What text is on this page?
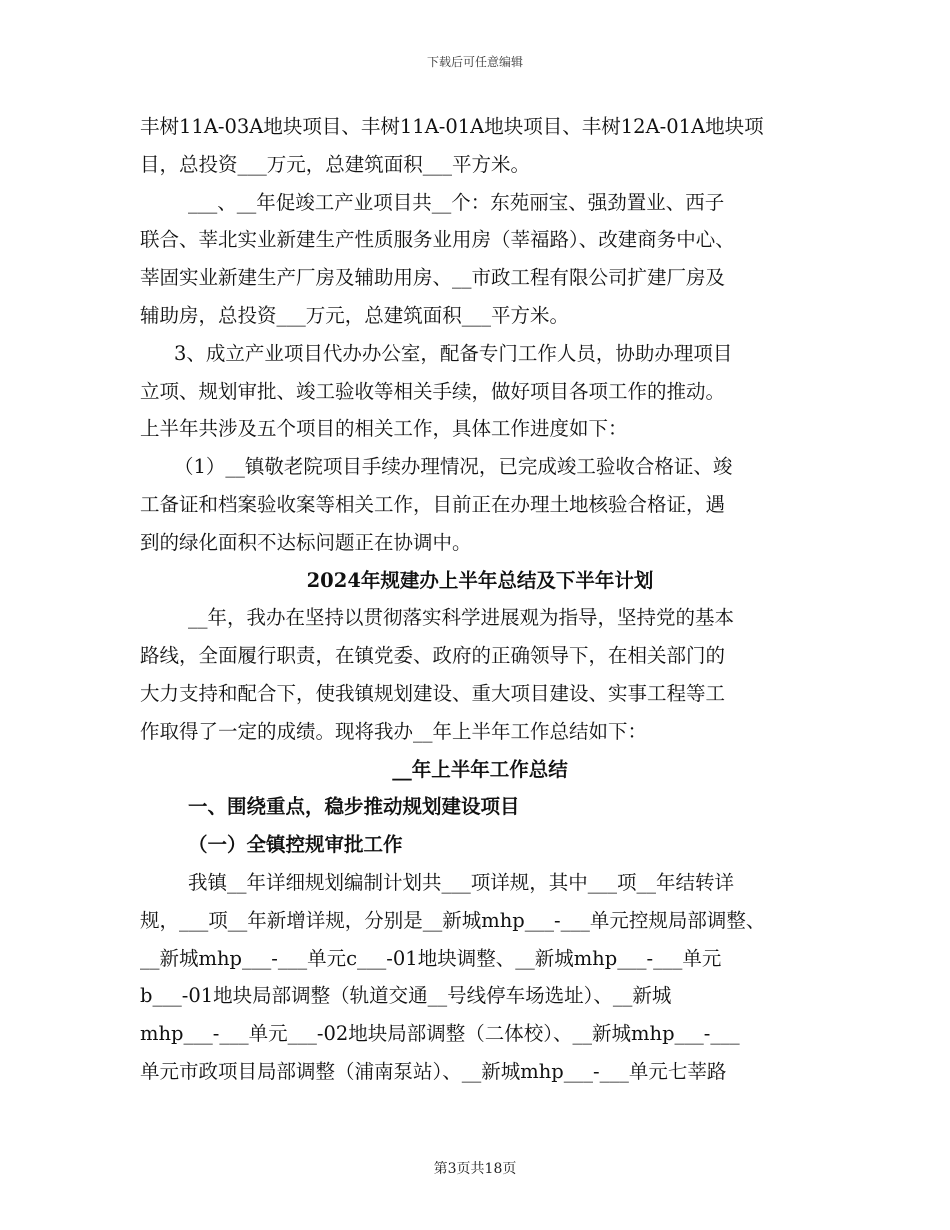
下载后可任意编辑
丰树11A-03A地块项目、丰树11A-01A地块项目、丰树12A-01A地块项
目，总投资___万元，总建筑面积___平方米。
___、__年促竣工产业项目共__个：东苑丽宝、强劲置业、西子
联合、莘北实业新建生产性质服务业用房（莘福路）、改建商务中心、
莘固实业新建生产厂房及辅助用房、__市政工程有限公司扩建厂房及
辅助房，总投资___万元，总建筑面积___平方米。
3、成立产业项目代办办公室，配备专门工作人员，协助办理项目
立项、规划审批、竣工验收等相关手续，做好项目各项工作的推动。
上半年共涉及五个项目的相关工作，具体工作进度如下：
（1）__镇敬老院项目手续办理情况，已完成竣工验收合格证、竣
工备证和档案验收案等相关工作，目前正在办理土地核验合格证，遇
到的绿化面积不达标问题正在协调中。
2024年规建办上半年总结及下半年计划
__年，我办在坚持以贯彻落实科学进展观为指导，坚持党的基本
路线，全面履行职责，在镇党委、政府的正确领导下，在相关部门的
大力支持和配合下，使我镇规划建设、重大项目建设、实事工程等工
作取得了一定的成绩。现将我办__年上半年工作总结如下：
__年上半年工作总结
一、围绕重点，稳步推动规划建设项目
（一）全镇控规审批工作
我镇__年详细规划编制计划共___项详规，其中___项__年结转详
规，___项__年新增详规，分别是__新城mhp___-___单元控规局部调整、
__新城mhp___-___单元c___-01地块调整、__新城mhp___-___单元
b___-01地块局部调整（轨道交通__号线停车场选址）、__新城
mhp___-___单元___-02地块局部调整（二体校）、__新城mhp___-___
单元市政项目局部调整（浦南泵站）、__新城mhp___-___单元七莘路
第3页共18页
